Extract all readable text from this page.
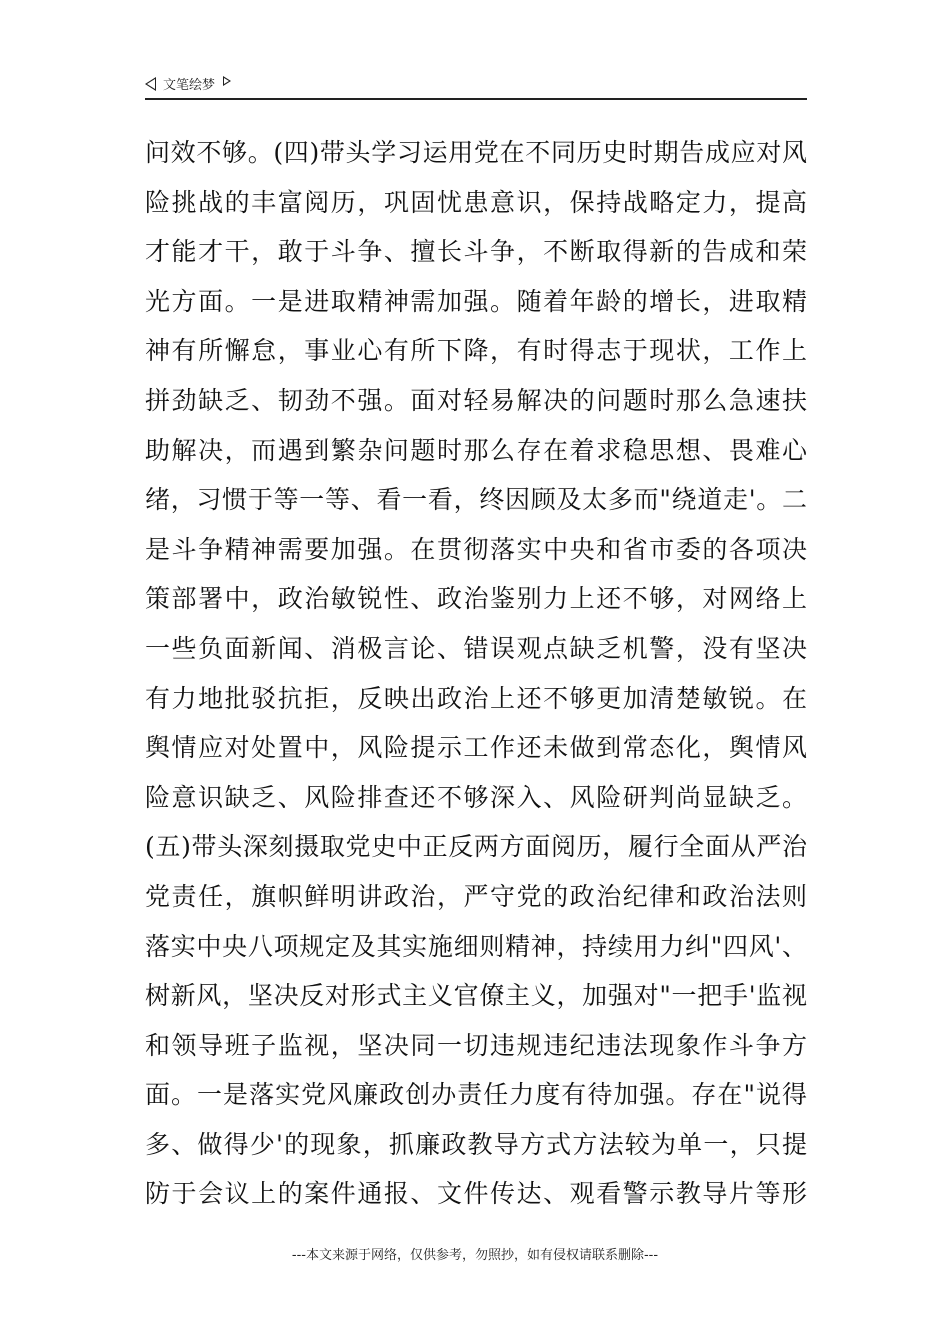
文笔绘梦
问效不够。(四)带头学习运用党在不同历史时期告成应对风
险挑战的丰富阅历，巩固忧患意识，保持战略定力，提高
才能才干，敢于斗争、擅长斗争，不断取得新的告成和荣
光方面。一是进取精神需加强。随着年龄的增长，进取精
神有所懈怠，事业心有所下降，有时得志于现状，工作上
拼劲缺乏、韧劲不强。面对轻易解决的问题时那么急速扶
助解决，而遇到繁杂问题时那么存在着求稳思想、畏难心
绪，习惯于等一等、看一看，终因顾及太多而"绕道走'。二
是斗争精神需要加强。在贯彻落实中央和省市委的各项决
策部署中，政治敏锐性、政治鉴别力上还不够，对网络上
一些负面新闻、消极言论、错误观点缺乏机警，没有坚决
有力地批驳抗拒，反映出政治上还不够更加清楚敏锐。在
舆情应对处置中，风险提示工作还未做到常态化，舆情风
险意识缺乏、风险排查还不够深入、风险研判尚显缺乏。
(五)带头深刻摄取党史中正反两方面阅历，履行全面从严治
党责任，旗帜鲜明讲政治，严守党的政治纪律和政治法则
落实中央八项规定及其实施细则精神，持续用力纠"四风'、
树新风，坚决反对形式主义官僚主义，加强对"一把手'监视
和领导班子监视，坚决同一切违规违纪违法现象作斗争方
面。一是落实党风廉政创办责任力度有待加强。存在"说得
多、做得少'的现象，抓廉政教导方式方法较为单一，只提
防于会议上的案件通报、文件传达、观看警示教导片等形
---本文来源于网络，仅供参考，勿照抄，如有侵权请联系删除---
